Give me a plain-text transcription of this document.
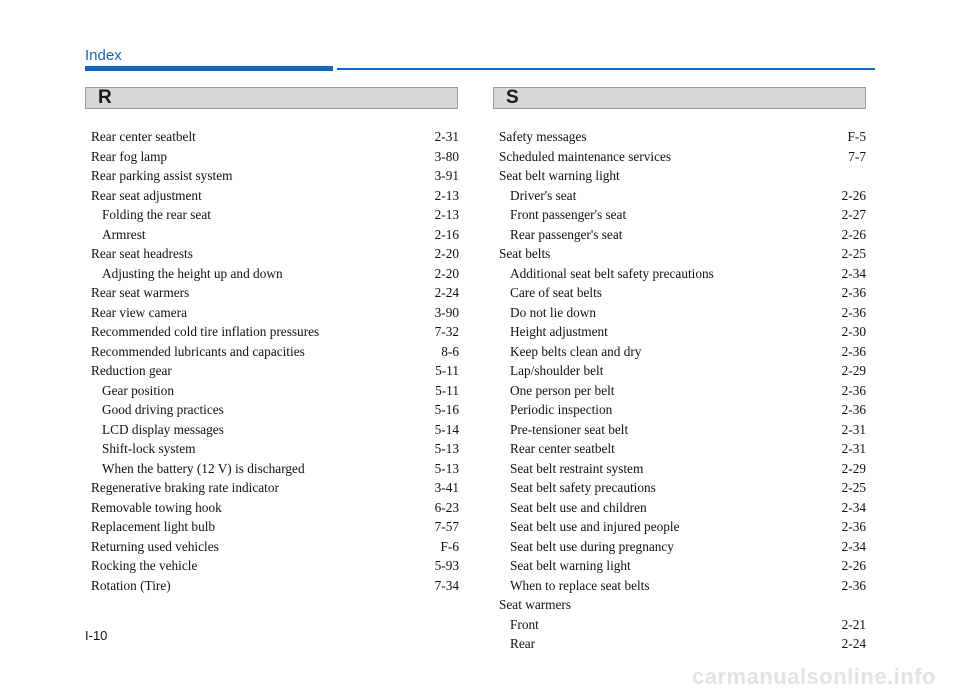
Index
R	S
Rear center seatbelt	2-31
Rear fog lamp	3-80
Rear parking assist system	3-91
Rear seat adjustment	2-13
Folding the rear seat	2-13
Armrest	2-16
Rear seat headrests	2-20
Adjusting the height up and down	2-20
Rear seat warmers	2-24
Rear view camera	3-90
Recommended cold tire inflation pressures	7-32
Recommended lubricants and capacities	8-6
Reduction gear	5-11
Gear position	5-11
Good driving practices	5-16
LCD display messages	5-14
Shift-lock system	5-13
When the battery (12 V) is discharged	5-13
Regenerative braking rate indicator	3-41
Removable towing hook	6-23
Replacement light bulb	7-57
Returning used vehicles	F-6
Rocking the vehicle	5-93
Rotation (Tire)	7-34
Safety messages	F-5
Scheduled maintenance services	7-7
Seat belt warning light
Driver's seat	2-26
Front passenger's seat	2-27
Rear passenger's seat	2-26
Seat belts	2-25
Additional seat belt safety precautions	2-34
Care of seat belts	2-36
Do not lie down	2-36
Height adjustment	2-30
Keep belts clean and dry	2-36
Lap/shoulder belt	2-29
One person per belt	2-36
Periodic inspection	2-36
Pre-tensioner seat belt	2-31
Rear center seatbelt	2-31
Seat belt restraint system	2-29
Seat belt safety precautions	2-25
Seat belt use and children	2-34
Seat belt use and injured people	2-36
Seat belt use during pregnancy	2-34
Seat belt warning light	2-26
When to replace seat belts	2-36
Seat warmers
Front	2-21
Rear	2-24
I-10
carmanualsonline.info
